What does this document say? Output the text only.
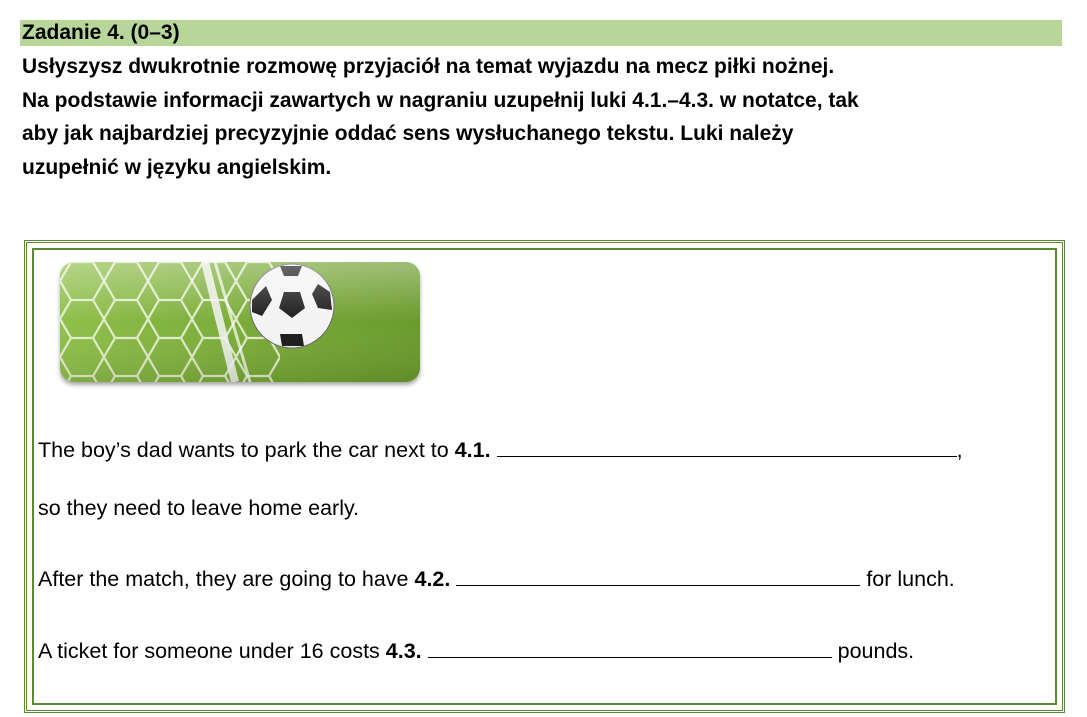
Zadanie 4. (0–3)
Usłyszysz dwukrotnie rozmowę przyjaciół na temat wyjazdu na mecz piłki nożnej.
Na podstawie informacji zawartych w nagraniu uzupełnij luki 4.1.–4.3. w notatce, tak
aby jak najbardziej precyzyjnie oddać sens wysłuchanego tekstu. Luki należy
uzupełnić w języku angielskim.
The boy’s dad wants to park the car next to 4.1.	,
so they need to leave home early.
After the match, they are going to have 4.2.	for lunch.
A ticket for someone under 16 costs 4.3.	pounds.
